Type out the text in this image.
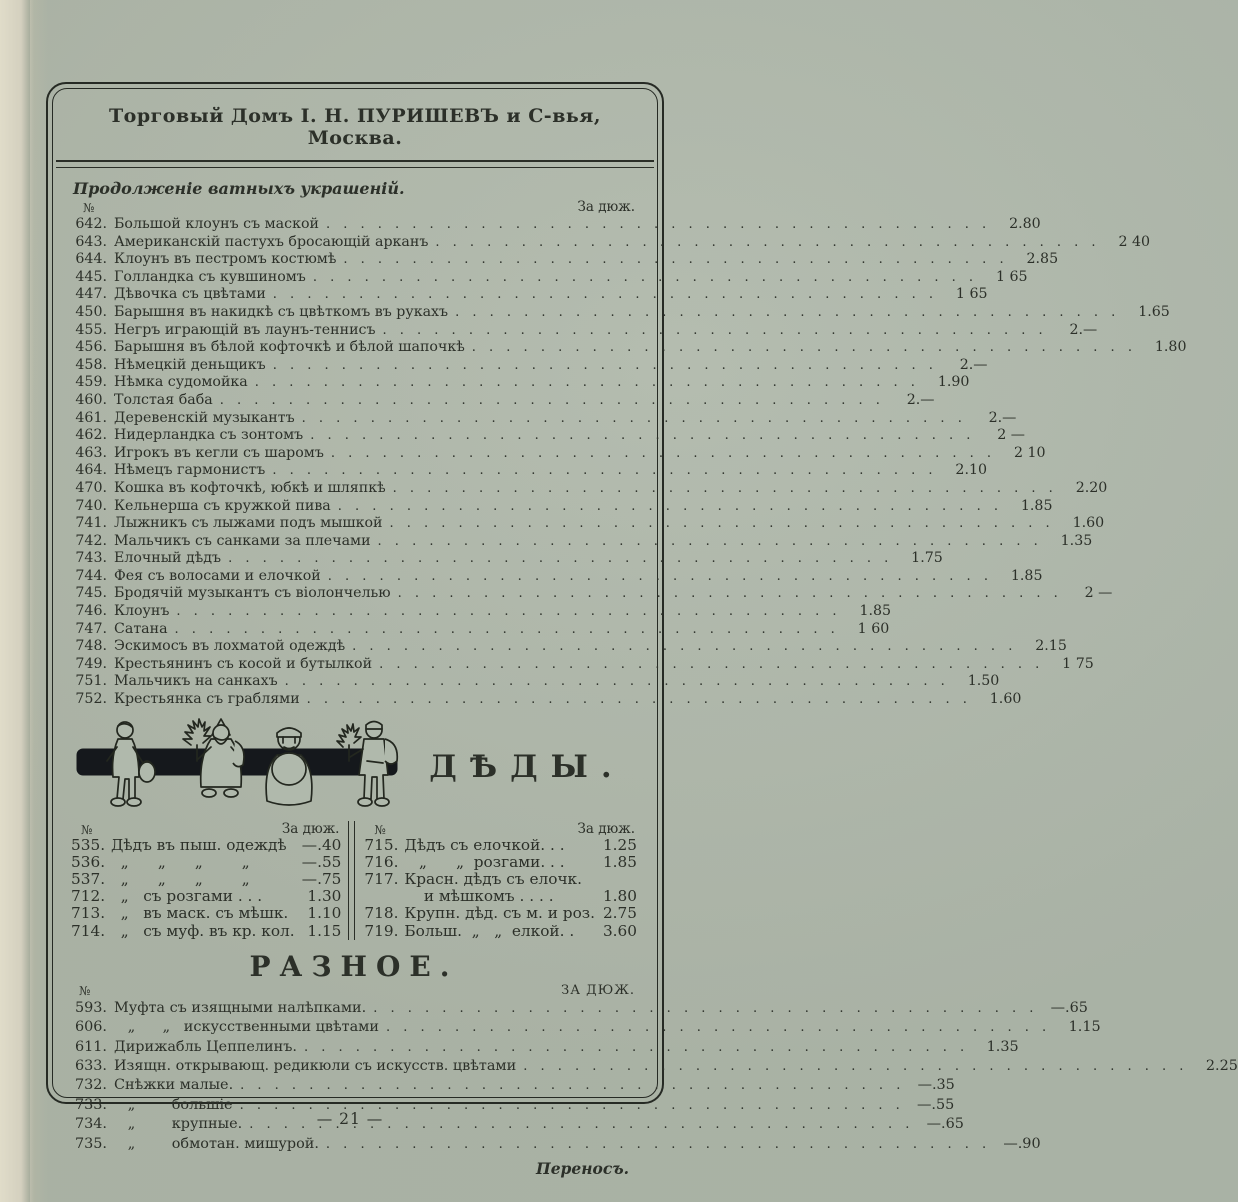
Торговый Домъ І. Н. ПУРИШЕВЪ и С-вья, Москва.
Продолженіе ватныхъ украшеній.
№	За дюж.
642. Большой клоунъ съ маской . . .	2.80
643. Американскій пастухъ бросающій арканъ . . .	2 40
644. Клоунъ въ пестромъ костюмѣ . . .	2.85
445. Голландка съ кувшиномъ . . .	1 65
447. Дѣвочка съ цвѣтами . . .	1 65
450. Барышня въ накидкѣ съ цвѣткомъ въ рукахъ . . .	1.65
455. Негръ играющій въ лаунъ-теннисъ . . .	2.—
456. Барышня въ бѣлой кофточкѣ и бѣлой шапочкѣ . . .	1.80
458. Нѣмецкій деньщикъ . . .	2.—
459. Нѣмка судомойка . . .	1.90
460. Толстая баба . . .	2.—
461. Деревенскій музыкантъ . . .	2.—
462. Нидерландка съ зонтомъ . . .	2 —
463. Игрокъ въ кегли съ шаромъ . . .	2 10
464. Нѣмецъ гармонистъ . . .	2.10
470. Кошка въ кофточкѣ, юбкѣ и шляпкѣ . . .	2.20
740. Кельнерша съ кружкой пива . . .	1.85
741. Лыжникъ съ лыжами подъ мышкой . . .	1.60
742. Мальчикъ съ санками за плечами . . .	1.35
743. Елочный дѣдъ . . .	1.75
744. Фея съ волосами и елочкой . . .	1.85
745. Бродячій музыкантъ съ віолончелью . . .	2 —
746. Клоунъ . . .	1.85
747. Сатана . . .	1 60
748. Эскимосъ въ лохматой одеждѣ . . .	2.15
749. Крестьянинъ съ косой и бутылкой . . .	1 75
751. Мальчикъ на санкахъ . . .	1.50
752. Крестьянка съ граблями . . .	1.60
ДѢДЫ.
№	За дюж.
535. Дѣдъ въ пыш. одеждѣ —.40
536. „      „      „        „	—.55
537. „      „      „        „	—.75
712. „   съ розгами . . .	1.30
713. „   въ маск. съ мѣшк.	1.10
714. „   съ муф. въ кр. кол. 1.15
№	За дюж.
715. Дѣдъ съ елочкой. . .	1.25
716. „      „  розгами. . .	1.85
717. Красн. дѣдъ съ елочк.
и мѣшкомъ . . . .	1.80
718. Крупн. дѣд. съ м. и роз. 2.75
719. Больш.  „   „  елкой. .	3.60
РАЗНОЕ.
№	ЗА ДЮЖ.
593. Муфта съ изящными налѣпками. . . .	—.65
606. „      „   искусственными цвѣтами . . .	1.15
611. Дирижабль Цеппелинъ. . . .	1.35
633. Изящн. открывающ. редикюли съ искусств. цвѣтами . . .	2.25
732. Снѣжки малые. . . .	—.35
733. „        большіе . . .	—.55
734. „        крупные. . . .	—.65
735. „        обмотан. мишурой. . . .	—.90
Переносъ.
— 21 —
